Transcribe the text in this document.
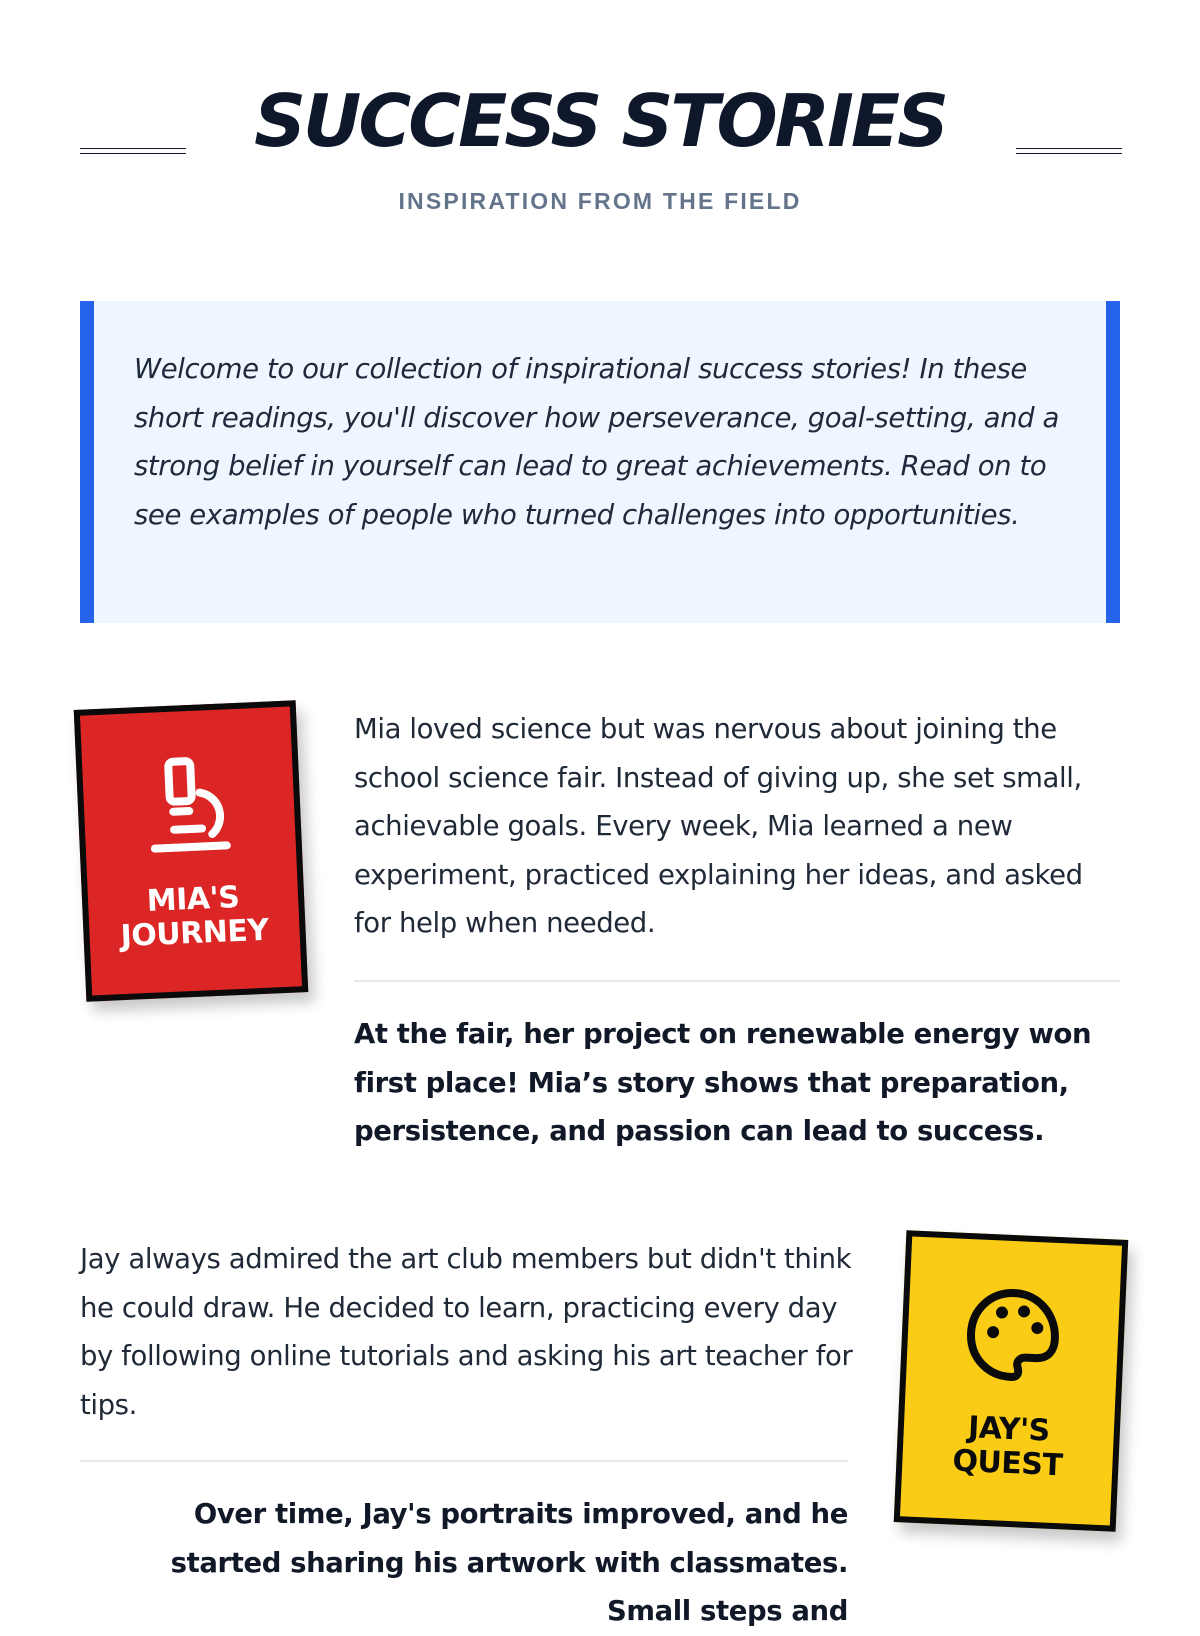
SUCCESS STORIES

INSPIRATION FROM THE FIELD

Welcome to our collection of inspirational success stories! In these short readings, you'll discover how perseverance, goal-setting, and a strong belief in yourself can lead to great achievements. Read on to see examples of people who turned challenges into opportunities.

MIA'S
JOURNEY

Mia loved science but was nervous about joining the school science fair. Instead of giving up, she set small, achievable goals. Every week, Mia learned a new experiment, practiced explaining her ideas, and asked for help when needed.

At the fair, her project on renewable energy won first place! Mia’s story shows that preparation, persistence, and passion can lead to success.

Jay always admired the art club members but didn't think he could draw. He decided to learn, practicing every day by following online tutorials and asking his art teacher for tips.

Over time, Jay's portraits improved, and he started sharing his artwork with classmates. Small steps and

JAY'S
QUEST
